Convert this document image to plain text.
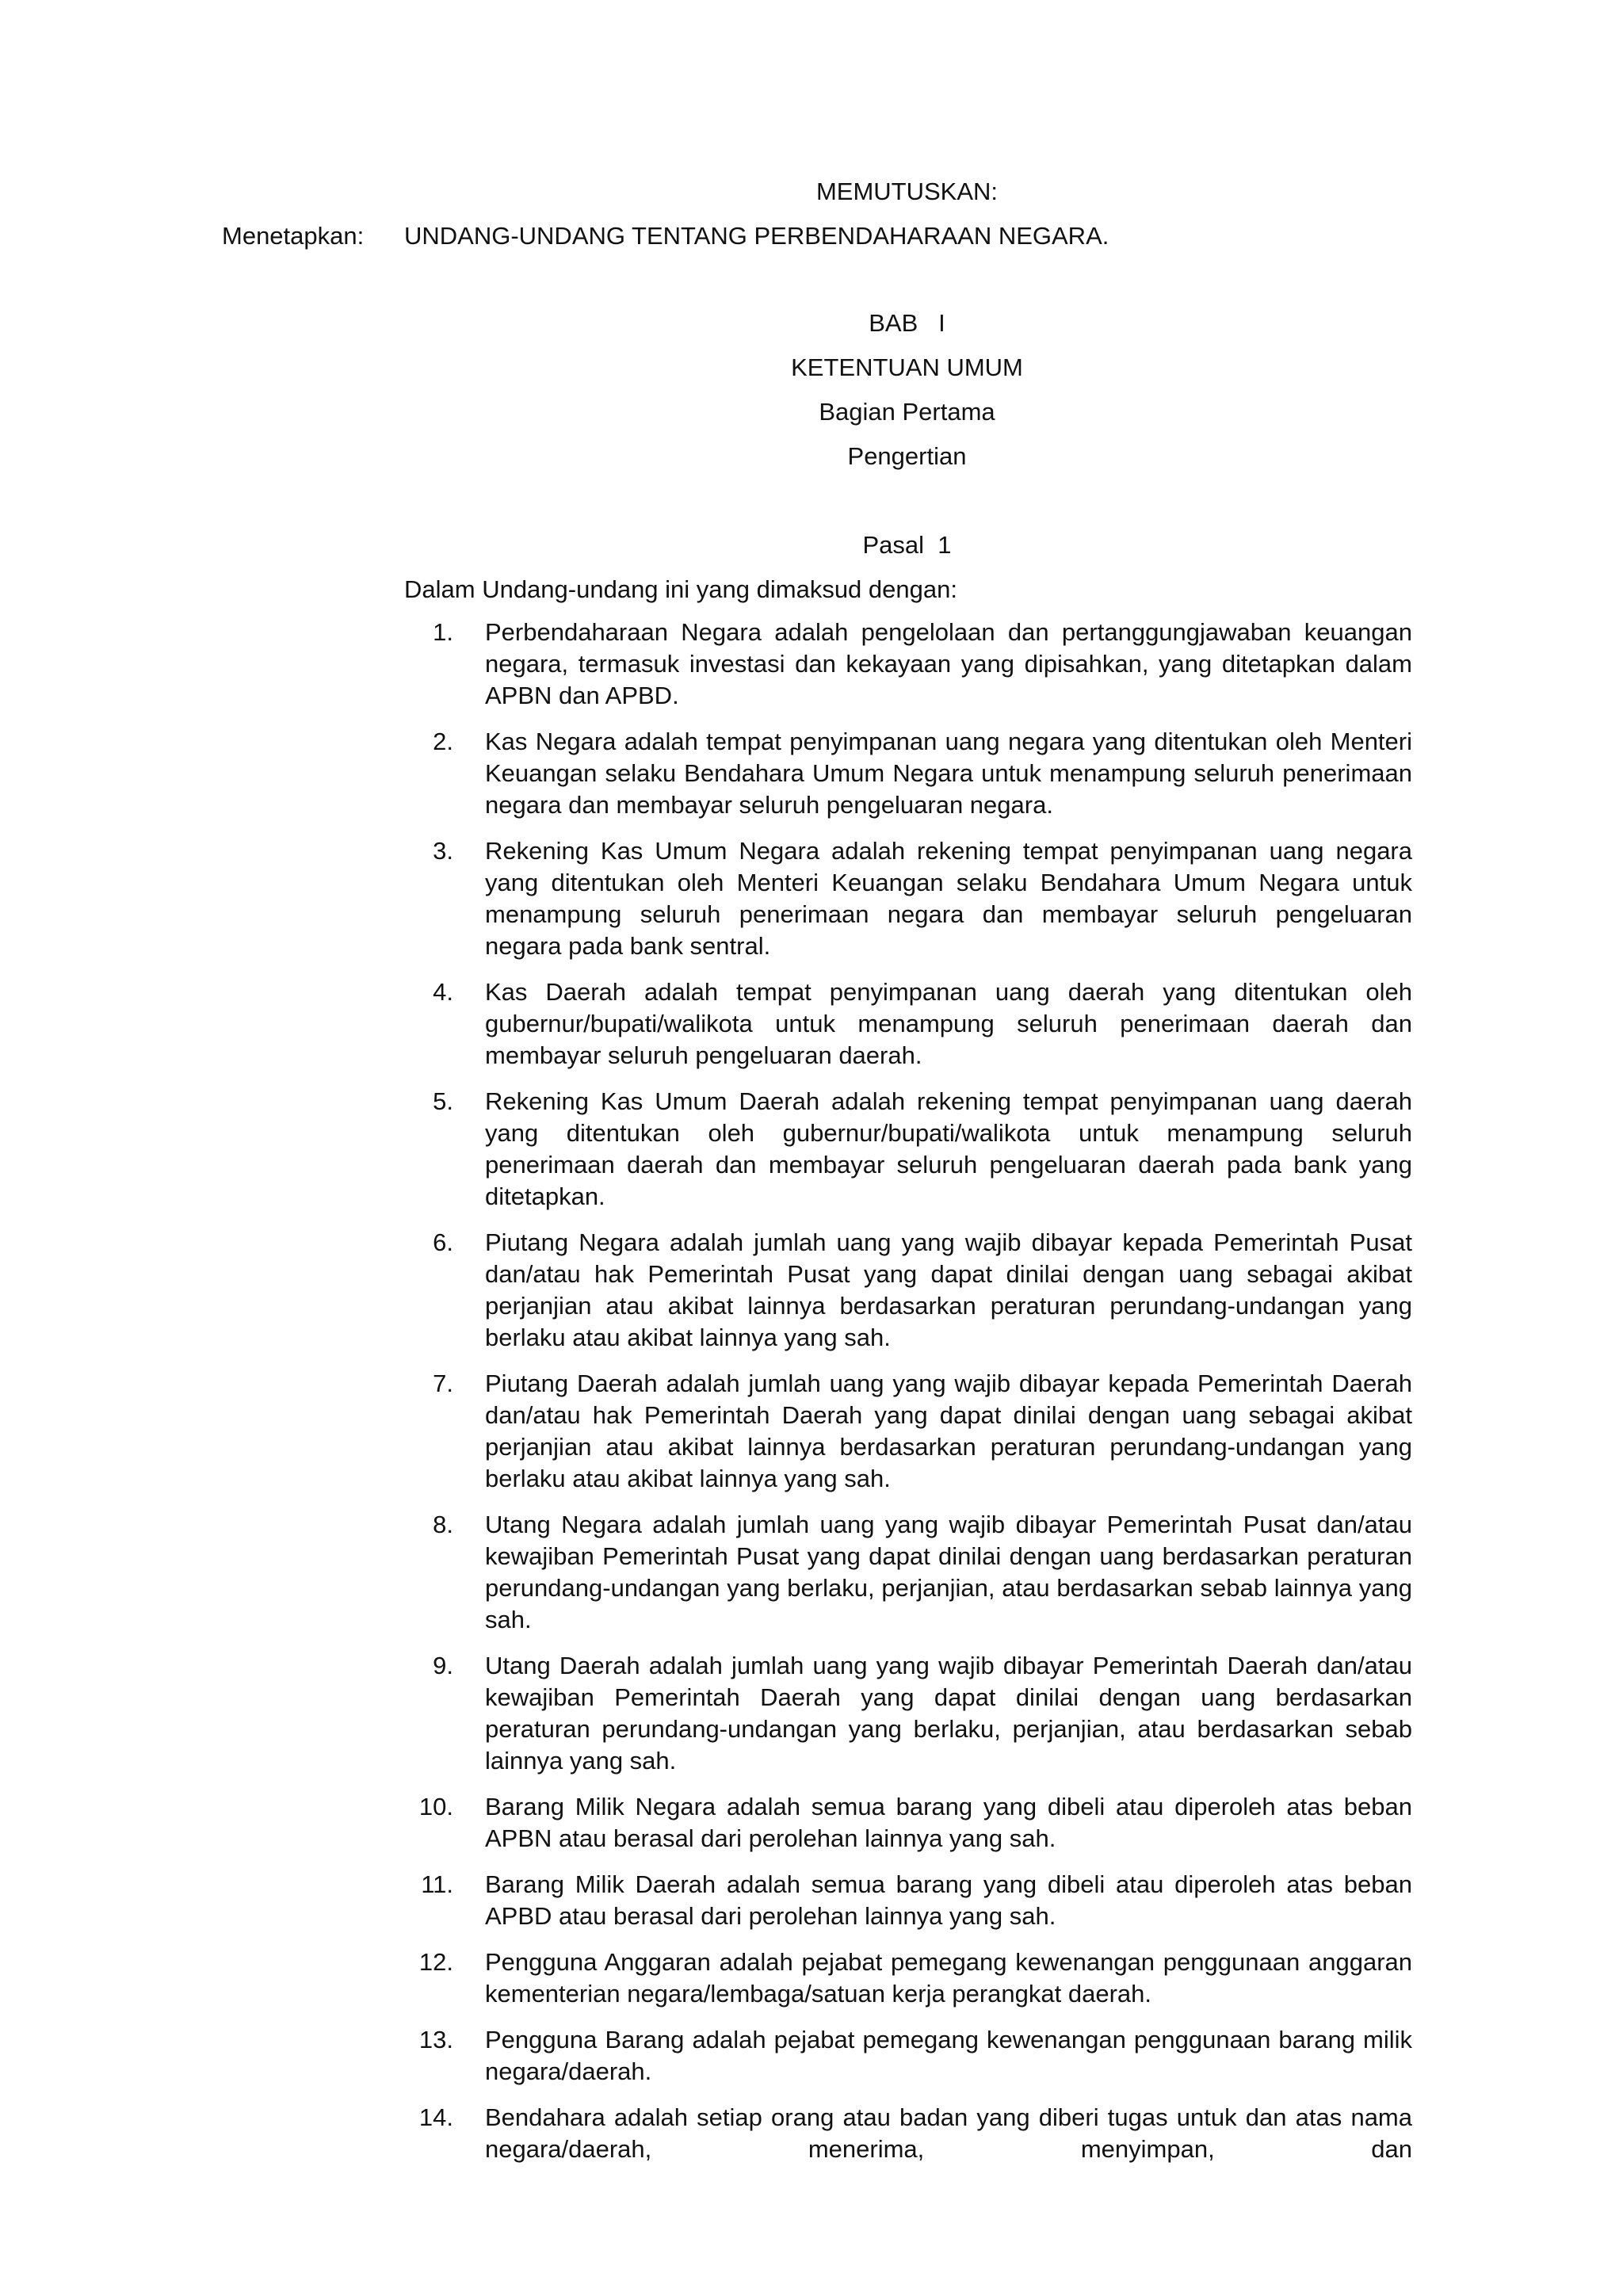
MEMUTUSKAN:
Menetapkan: UNDANG-UNDANG TENTANG PERBENDAHARAAN NEGARA.
BAB   I
KETENTUAN UMUM
Bagian Pertama
Pengertian
Pasal  1
Dalam Undang-undang ini yang dimaksud dengan:
1. Perbendaharaan Negara adalah pengelolaan dan pertanggungjawaban keuangan negara, termasuk investasi dan kekayaan yang dipisahkan, yang ditetapkan dalam APBN dan APBD.
2. Kas Negara adalah tempat penyimpanan uang negara yang ditentukan oleh Menteri Keuangan selaku Bendahara Umum Negara untuk menampung seluruh penerimaan negara dan membayar seluruh pengeluaran negara.
3. Rekening Kas Umum Negara adalah rekening tempat penyimpanan uang negara yang ditentukan oleh Menteri Keuangan selaku Bendahara Umum Negara untuk menampung seluruh penerimaan negara dan membayar seluruh pengeluaran negara pada bank sentral.
4. Kas Daerah adalah tempat penyimpanan uang daerah yang ditentukan oleh gubernur/bupati/walikota untuk menampung seluruh penerimaan daerah dan membayar seluruh pengeluaran daerah.
5. Rekening Kas Umum Daerah adalah rekening tempat penyimpanan uang daerah yang ditentukan oleh gubernur/bupati/walikota untuk menampung seluruh penerimaan daerah dan membayar seluruh pengeluaran daerah pada bank yang ditetapkan.
6. Piutang Negara adalah jumlah uang yang wajib dibayar kepada Pemerintah Pusat dan/atau hak Pemerintah Pusat yang dapat dinilai dengan uang sebagai akibat perjanjian atau akibat lainnya berdasarkan peraturan perundang-undangan yang berlaku atau akibat lainnya yang sah.
7. Piutang Daerah adalah jumlah uang yang wajib dibayar kepada Pemerintah Daerah dan/atau hak Pemerintah Daerah yang dapat dinilai dengan uang sebagai akibat perjanjian atau akibat lainnya berdasarkan peraturan perundang-undangan yang berlaku atau akibat lainnya yang sah.
8. Utang Negara adalah jumlah uang yang wajib dibayar Pemerintah Pusat dan/atau kewajiban Pemerintah Pusat yang dapat dinilai dengan uang berdasarkan peraturan perundang-undangan yang berlaku, perjanjian, atau berdasarkan sebab lainnya yang sah.
9. Utang Daerah adalah jumlah uang yang wajib dibayar Pemerintah Daerah dan/atau kewajiban Pemerintah Daerah yang dapat dinilai dengan uang berdasarkan peraturan perundang-undangan yang berlaku, perjanjian, atau berdasarkan sebab lainnya yang sah.
10. Barang Milik Negara adalah semua barang yang dibeli atau diperoleh atas beban APBN atau berasal dari perolehan lainnya yang sah.
11. Barang Milik Daerah adalah semua barang yang dibeli atau diperoleh atas beban APBD atau berasal dari perolehan lainnya yang sah.
12. Pengguna Anggaran adalah pejabat pemegang kewenangan penggunaan anggaran kementerian negara/lembaga/satuan kerja perangkat daerah.
13. Pengguna Barang adalah pejabat pemegang kewenangan penggunaan barang milik negara/daerah.
14. Bendahara adalah setiap orang atau badan yang diberi tugas untuk dan atas nama negara/daerah, menerima, menyimpan, dan
